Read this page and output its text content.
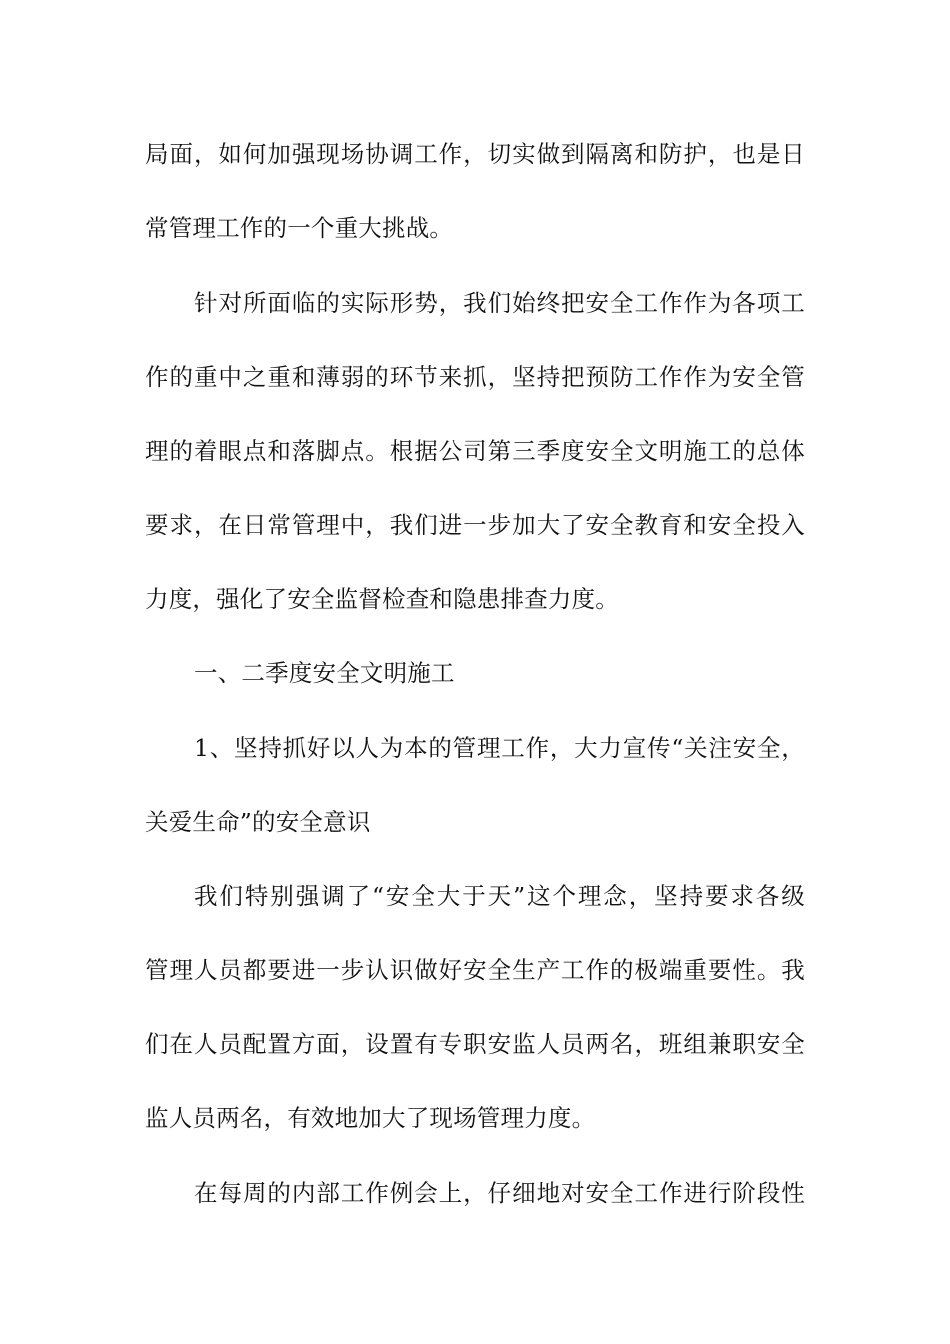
局面，如何加强现场协调工作，切实做到隔离和防护，也是日
常管理工作的一个重大挑战。
针对所面临的实际形势，我们始终把安全工作作为各项工
作的重中之重和薄弱的环节来抓，坚持把预防工作作为安全管
理的着眼点和落脚点。根据公司第三季度安全文明施工的总体
要求，在日常管理中，我们进一步加大了安全教育和安全投入
力度，强化了安全监督检查和隐患排查力度。
一、二季度安全文明施工
1、坚持抓好以人为本的管理工作，大力宣传“关注安全，
关爱生命”的安全意识
我们特别强调了“安全大于天”这个理念，坚持要求各级
管理人员都要进一步认识做好安全生产工作的极端重要性。我
们在人员配置方面，设置有专职安监人员两名，班组兼职安全
监人员两名，有效地加大了现场管理力度。
在每周的内部工作例会上，仔细地对安全工作进行阶段性
